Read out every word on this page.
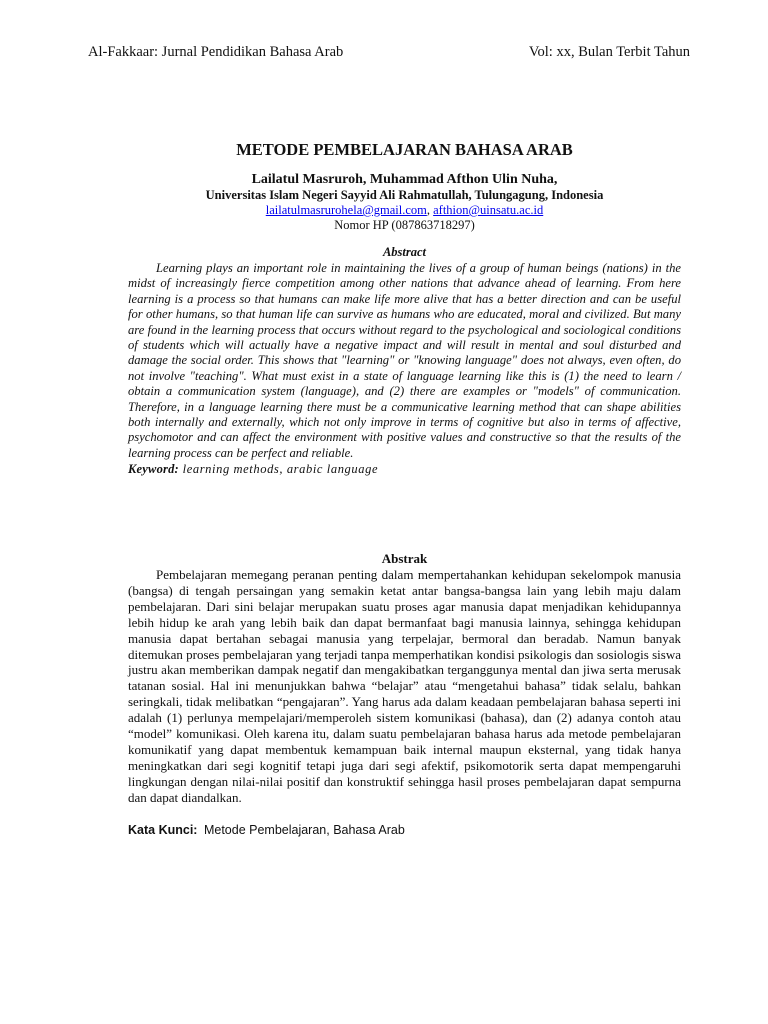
Al-Fakkaar: Jurnal Pendidikan Bahasa Arab	Vol: xx, Bulan Terbit Tahun
METODE PEMBELAJARAN BAHASA ARAB
Lailatul Masruroh, Muhammad Afthon Ulin Nuha,
Universitas Islam Negeri Sayyid Ali Rahmatullah, Tulungagung, Indonesia
lailatulmasrurohela@gmail.com, afthion@uinsatu.ac.id
Nomor HP (087863718297)
Abstract

Learning plays an important role in maintaining the lives of a group of human beings (nations) in the midst of increasingly fierce competition among other nations that advance ahead of learning. From here learning is a process so that humans can make life more alive that has a better direction and can be useful for other humans, so that human life can survive as humans who are educated, moral and civilized. But many are found in the learning process that occurs without regard to the psychological and sociological conditions of students which will actually have a negative impact and will result in mental and soul disturbed and damage the social order. This shows that "learning" or "knowing language" does not always, even often, do not involve "teaching". What must exist in a state of language learning like this is (1) the need to learn / obtain a communication system (language), and (2) there are examples or "models" of communication. Therefore, in a language learning there must be a communicative learning method that can shape abilities both internally and externally, which not only improve in terms of cognitive but also in terms of affective, psychomotor and can affect the environment with positive values and constructive so that the results of the learning process can be perfect and reliable.

Keyword: learning methods, arabic language
Abstrak

Pembelajaran memegang peranan penting dalam mempertahankan kehidupan sekelompok manusia (bangsa) di tengah persaingan yang semakin ketat antar bangsa-bangsa lain yang lebih maju dalam pembelajaran. Dari sini belajar merupakan suatu proses agar manusia dapat menjadikan kehidupannya lebih hidup ke arah yang lebih baik dan dapat bermanfaat bagi manusia lainnya, sehingga kehidupan manusia dapat bertahan sebagai manusia yang terpelajar, bermoral dan beradab. Namun banyak ditemukan proses pembelajaran yang terjadi tanpa memperhatikan kondisi psikologis dan sosiologis siswa justru akan memberikan dampak negatif dan mengakibatkan terganggunya mental dan jiwa serta merusak tatanan sosial. Hal ini menunjukkan bahwa “belajar” atau “mengetahui bahasa” tidak selalu, bahkan seringkali, tidak melibatkan “pengajaran”. Yang harus ada dalam keadaan pembelajaran bahasa seperti ini adalah (1) perlunya mempelajari/memperoleh sistem komunikasi (bahasa), dan (2) adanya contoh atau “model” komunikasi. Oleh karena itu, dalam suatu pembelajaran bahasa harus ada metode pembelajaran komunikatif yang dapat membentuk kemampuan baik internal maupun eksternal, yang tidak hanya meningkatkan dari segi kognitif tetapi juga dari segi afektif, psikomotorik serta dapat mempengaruhi lingkungan dengan nilai-nilai positif dan konstruktif sehingga hasil proses pembelajaran dapat sempurna dan dapat diandalkan.

Kata Kunci: Metode Pembelajaran, Bahasa Arab
